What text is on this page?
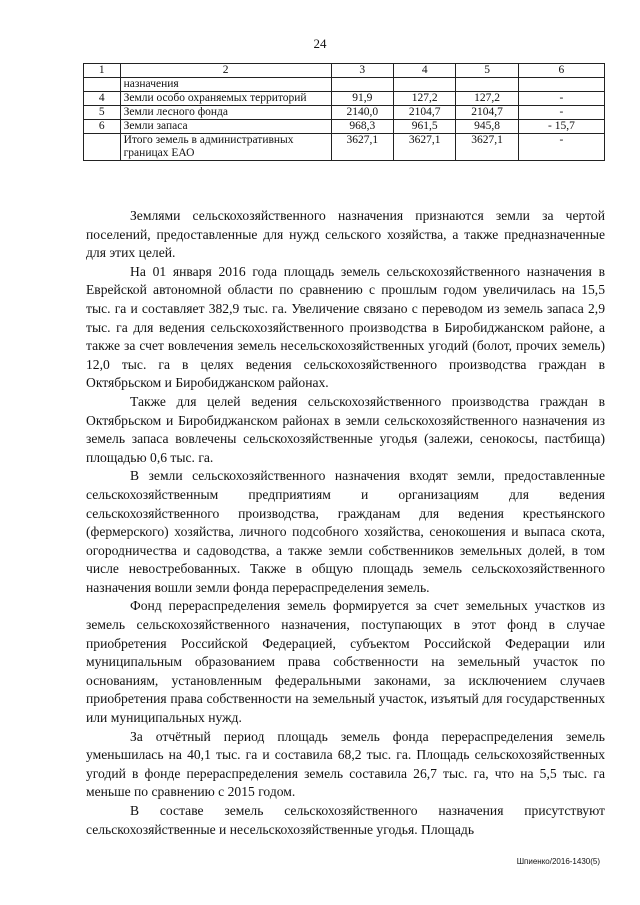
24
1	2	3	4	5	6
	назначения				
4	Земли особо охраняемых территорий	91,9	127,2	127,2	-
5	Земли лесного фонда	2140,0	2104,7	2104,7	-
6	Земли запаса	968,3	961,5	945,8	- 15,7
	Итого земель в административных границах ЕАО	3627,1	3627,1	3627,1	-

Землями сельскохозяйственного назначения признаются земли за чертой поселений, предоставленные для нужд сельского хозяйства, а также предназначенные для этих целей.

На 01 января 2016 года площадь земель сельскохозяйственного назначения в Еврейской автономной области по сравнению с прошлым годом увеличилась на 15,5 тыс. га и составляет 382,9 тыс. га. Увеличение связано с переводом из земель запаса 2,9 тыс. га для ведения сельскохозяйственного производства в Биробиджанском районе, а также за счет вовлечения земель несельскохозяйственных угодий (болот, прочих земель) 12,0 тыс. га в целях ведения сельскохозяйственного производства граждан в Октябрьском и Биробиджанском районах.

Также для целей ведения сельскохозяйственного производства граждан в Октябрьском и Биробиджанском районах в земли сельскохозяйственного назначения из земель запаса вовлечены сельскохозяйственные угодья (залежи, сенокосы, пастбища) площадью 0,6 тыс. га.

В земли сельскохозяйственного назначения входят земли, предоставленные сельскохозяйственным предприятиям и организациям для ведения сельскохозяйственного производства, гражданам для ведения крестьянского (фермерского) хозяйства, личного подсобного хозяйства, сенокошения и выпаса скота, огородничества и садоводства, а также земли собственников земельных долей, в том числе невостребованных. Также в общую площадь земель сельскохозяйственного назначения вошли земли фонда перераспределения земель.

Фонд перераспределения земель формируется за счет земельных участков из земель сельскохозяйственного назначения, поступающих в этот фонд в случае приобретения Российской Федерацией, субъектом Российской Федерации или муниципальным образованием права собственности на земельный участок по основаниям, установленным федеральными законами, за исключением случаев приобретения права собственности на земельный участок, изъятый для государственных или муниципальных нужд.

За отчётный период площадь земель фонда перераспределения земель уменьшилась на 40,1 тыс. га и составила 68,2 тыс. га. Площадь сельскохозяйственных угодий в фонде перераспределения земель составила 26,7 тыс. га, что на 5,5 тыс. га меньше по сравнению с 2015 годом.

В составе земель сельскохозяйственного назначения присутствуют сельскохозяйственные и несельскохозяйственные угодья. Площадь

Шпиенко/2016-1430(5)
